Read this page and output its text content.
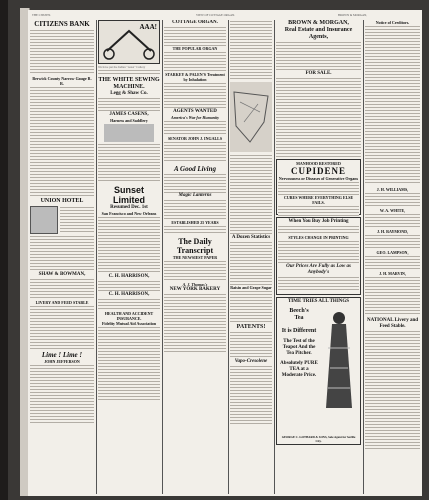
THE CITIZEN.	VIEW OF COTTAGE ORGAN.	BROWN & MORGAN,
CITIZENS BANK
Berwick County Narrow Gauge R. R.
UNION HOTEL
SHAW & BOWMAN,
LIVERY AND FEED STABLE
Lime ! Lime !
JOHN JEFFERSON
AAA!
We have put the Indian "AAA" Cutlery
THE WHITE SEWING MACHINE.
Legg & Shaw Co.
JAMES CASENS,
Harness and Saddlery
Sunset Limited
Resumed Dec. 1st
San Francisco and New Orleans
C. H. HARRISON,
C. H. HARRISON,
HEALTH AND ACCIDENT INSURANCE.
Fidelity Mutual Aid Association
COTTAGE ORGAN.
THE POPULAR ORGAN
STARKEY & PALEN'S Treatment by Inhalation
AGENTS WANTED
America's War for Humanity
SENATOR JOHN J. INGALLS
A Good Living
Magic Lanterns
ESTABLISHED 25 YEARS
The Daily Transcript
THE NEWSIEST PAPER
A. J. Thomas's
NEW YORK BAKERY
A Dozen Statistics
Raisin and Grape Sugar
PATENTS!
Vapo-Cresolene
BROWN & MORGAN,
Real Estate and Insurance Agents,
FOR SALE.
MANHOOD RESTORED
CUPIDENE
Nervousness or Diseases of Generative Organs
CURES WHERE EVERYTHING ELSE FAILS.
When You Buy Job Printing
STYLES CHANGE IN PRINTING
Our Prices Are Fully as Low as Anybody's
TIME TRIES ALL THINGS
Beech's
Tea
It is Different
The Test of the Teapot And the Tea Pitcher.
Absolutely PURE TEA at a Moderate Price.
GEORGE C. GOTHARD & SONS, Sole Agent for Seville City.
Notice of Creditors.
J. H. WILLIAMS,
W. A. WHITE,
J. H. RAYMOND,
GEO. LAMPSON,
J. H. MARVIN,
NATIONAL Livery and Feed Stable.
